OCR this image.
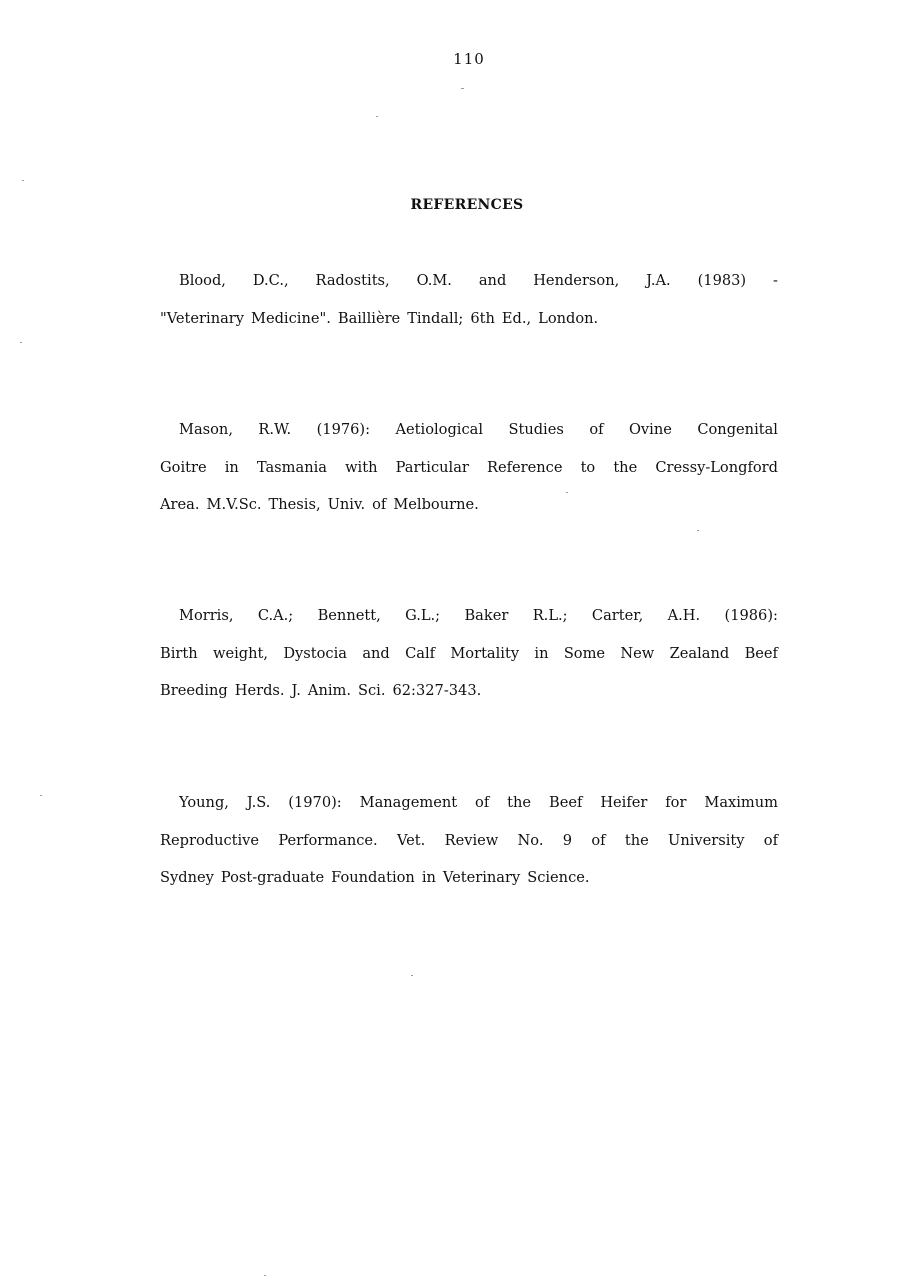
110
REFERENCES
Blood, D.C., Radostits, O.M. and Henderson, J.A. (1983) -
"Veterinary Medicine". Baillière Tindall; 6th Ed., London.
Mason, R.W. (1976): Aetiological Studies of Ovine Congenital
Goitre in Tasmania with Particular Reference to the Cressy-Longford
Area. M.V.Sc. Thesis, Univ. of Melbourne.
Morris, C.A.; Bennett, G.L.; Baker R.L.; Carter, A.H. (1986):
Birth weight, Dystocia and Calf Mortality in Some New Zealand Beef
Breeding Herds. J. Anim. Sci. 62:327-343.
Young, J.S. (1970): Management of the Beef Heifer for Maximum
Reproductive Performance. Vet. Review No. 9 of the University of
Sydney Post-graduate Foundation in Veterinary Science.
